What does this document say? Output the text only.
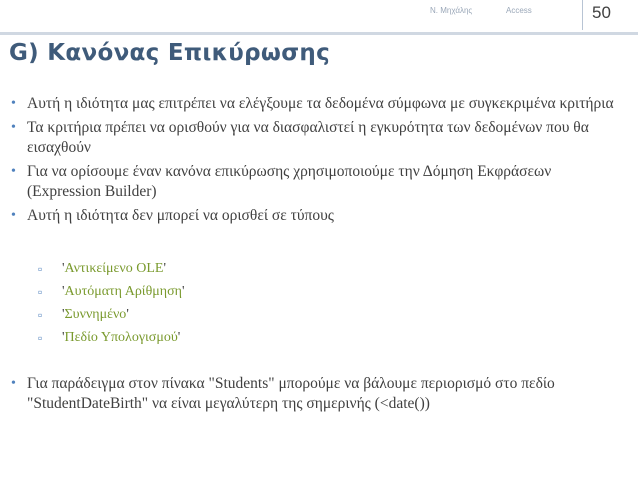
Ν. Μηχάλης	Access	50
G) Κανόνας Επικύρωσης
• Αυτή η ιδιότητα μας επιτρέπει να ελέγξουμε τα δεδομένα σύμφωνα με συγκεκριμένα κριτήρια
• Τα κριτήρια πρέπει να ορισθούν για να διασφαλιστεί η εγκυρότητα των δεδομένων που θα εισαχθούν
• Για να ορίσουμε έναν κανόνα επικύρωσης χρησιμοποιούμε την Δόμηση Εκφράσεων (Expression Builder)
• Αυτή η ιδιότητα δεν μπορεί να ορισθεί σε τύπους
▫ 'Αντικείμενο OLE'
▫ 'Αυτόματη Αρίθμηση'
▫ 'Συννημένο'
▫ 'Πεδίο Υπολογισμού'
• Για παράδειγμα στον πίνακα "Students" μπορούμε να βάλουμε περιορισμό στο πεδίο "StudentDateBirth" να είναι μεγαλύτερη της σημερινής (<date())
